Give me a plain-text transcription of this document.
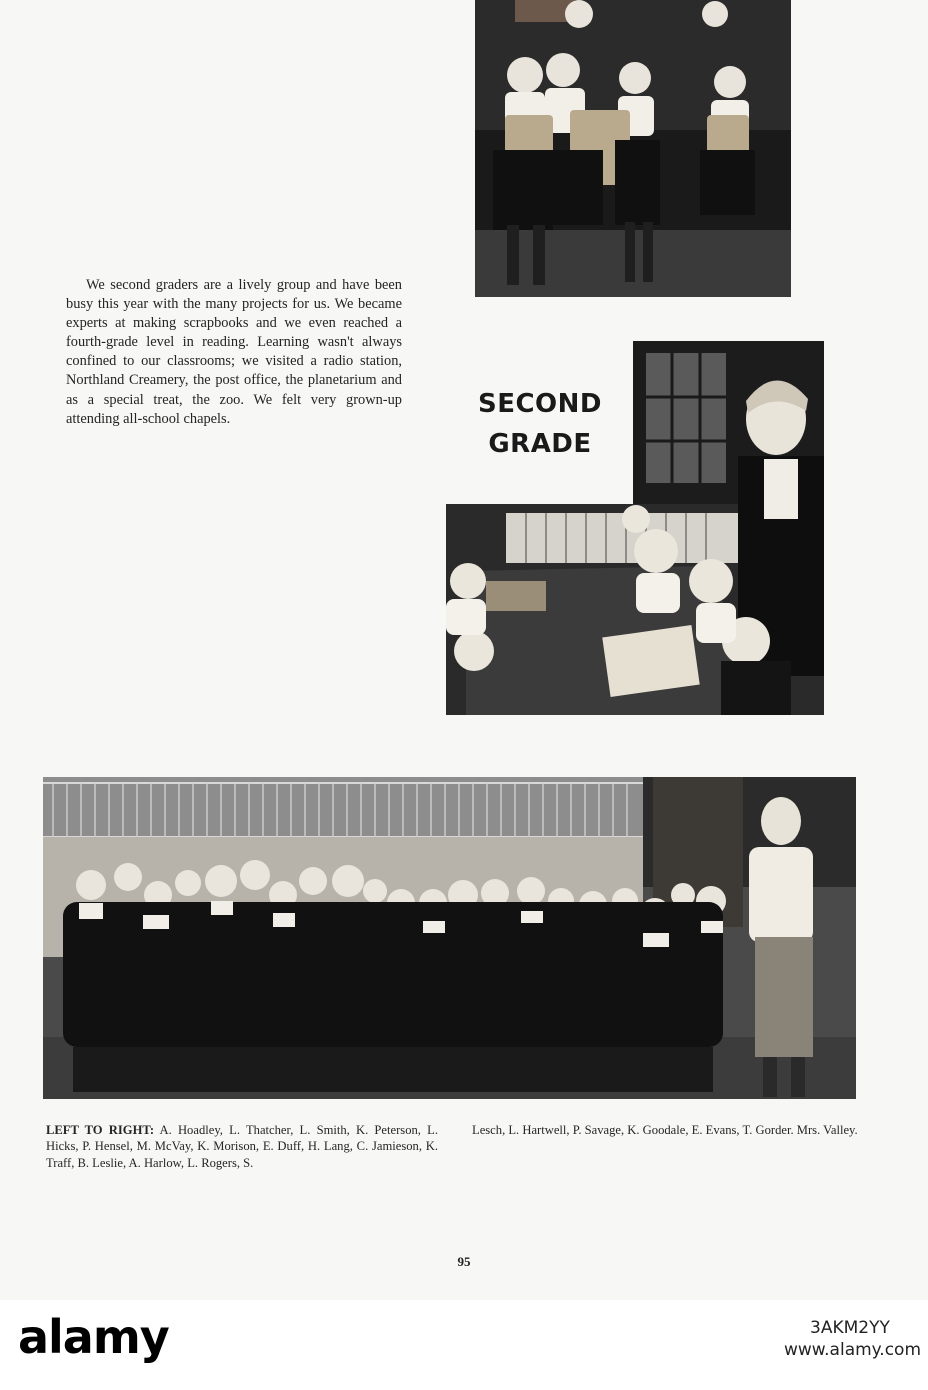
We second graders are a lively group and have been busy this year with the many projects for us. We became experts at making scrapbooks and we even reached a fourth-grade level in reading. Learning wasn't always confined to our classrooms; we visited a radio station, Northland Creamery, the post office, the planetarium and as a special treat, the zoo. We felt very grown-up attending all-school chapels.	SECOND
GRADE

LEFT TO RIGHT: A. Hoadley, L. Thatcher, L. Smith, K. Peterson, L. Hicks, P. Hensel, M. McVay, K. Morison, E. Duff, H. Lang, C. Jamieson, K. Traff, B. Leslie, A. Harlow, L. Rogers, S.

Lesch, L. Hartwell, P. Savage, K. Goodale, E. Evans, T. Gorder. Mrs. Valley.

95
alamy	3AKM2YY
www.alamy.com
